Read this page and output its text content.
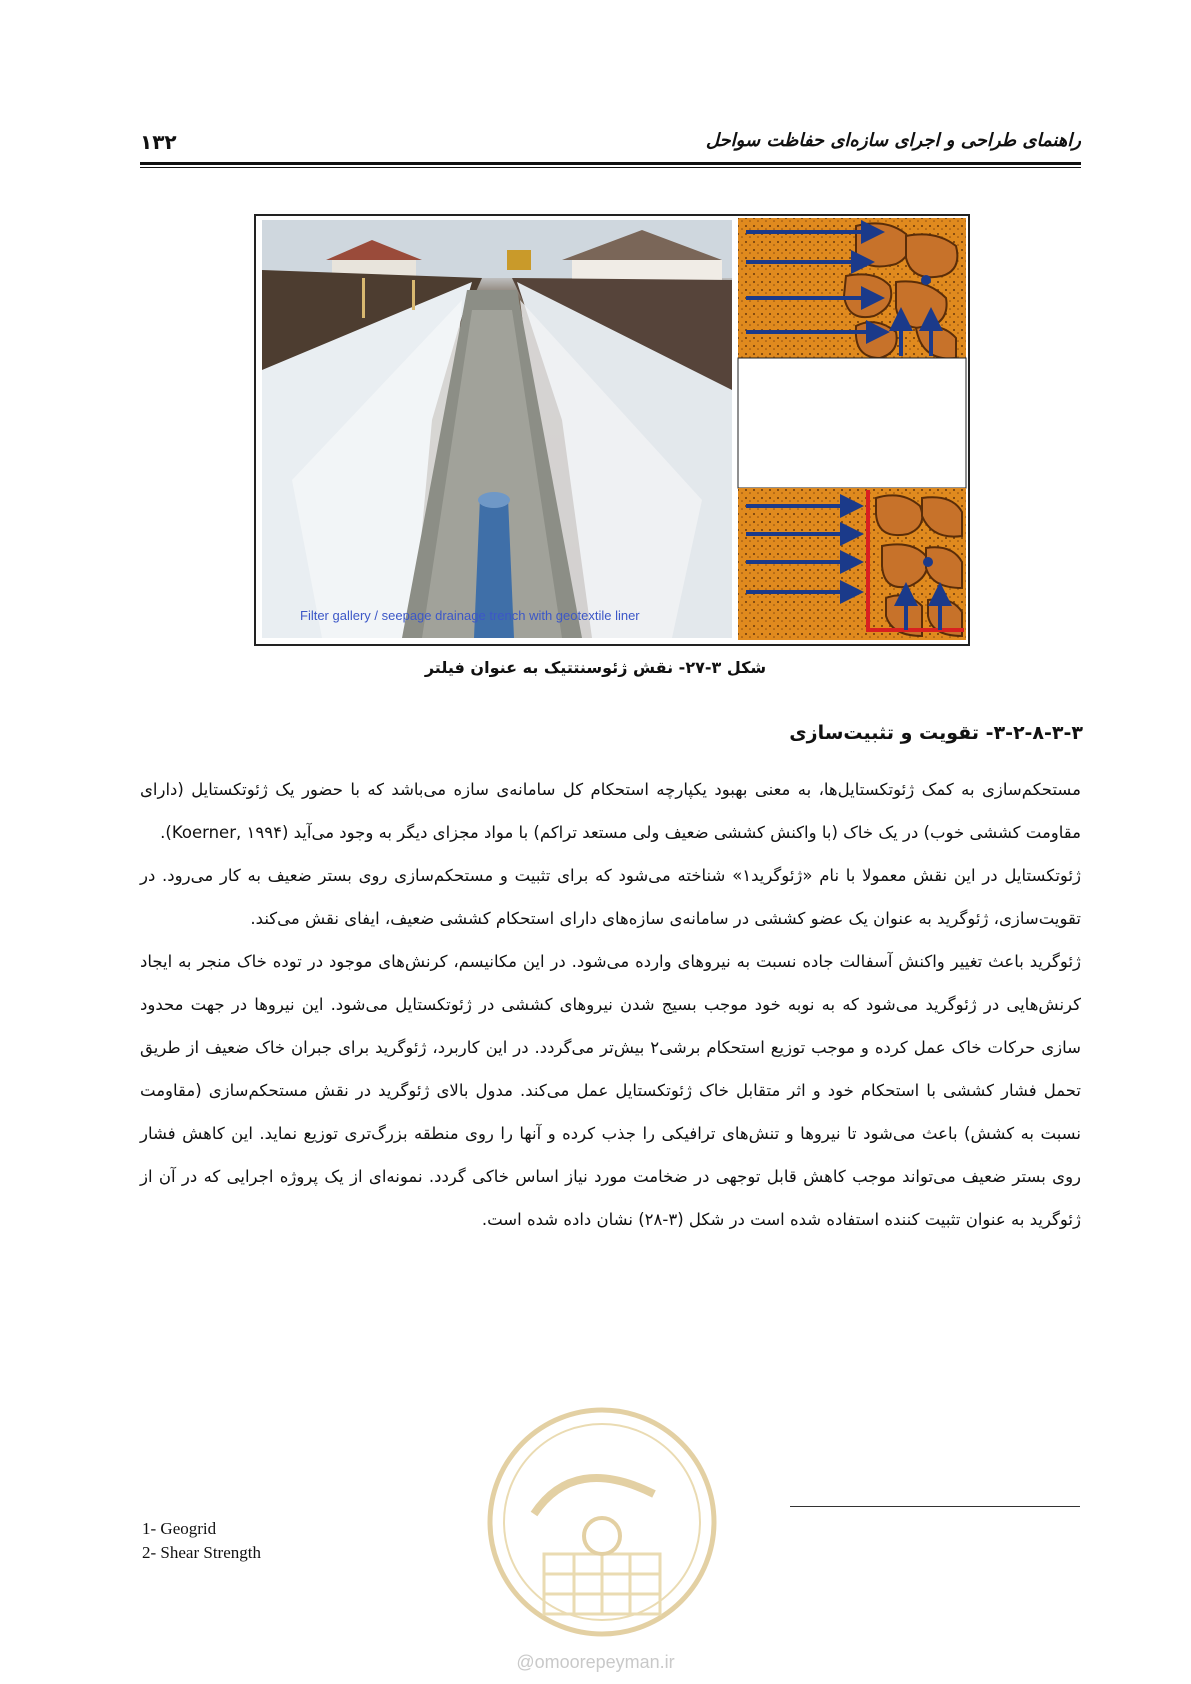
۱۳۲	راهنمای طراحی و اجرای سازه‌ای حفاظت سواحل
Filter gallery / seepage drainage trench with geotextile liner
شکل ۳-۲۷- نقش ژئوسنتتیک به عنوان فیلتر
۳-۲-۸-۳-۳- تقویت و تثبیت‌سازی

مستحکم‌سازی به کمک ژئوتکستایل‌ها، به معنی بهبود یکپارچه استحکام کل سامانه‌ی سازه می‌باشد که با حضور یک ژئوتکستایل (دارای مقاومت کششی خوب) در یک خاک (با واکنش کششی ضعیف ولی مستعد تراکم) با مواد مجزای دیگر به وجود می‌آید (Koerner, ۱۹۹۴).

ژئوتکستایل در این نقش معمولا با نام «ژئوگرید۱» شناخته می‌شود که برای تثبیت و مستحکم‌سازی روی بستر ضعیف به کار می‌رود. در تقویت‌سازی، ژئوگرید به عنوان یک عضو کششی در سامانه‌ی سازه‌های دارای استحکام کششی ضعیف، ایفای نقش می‌کند.

ژئوگرید باعث تغییر واکنش آسفالت جاده نسبت به نیروهای وارده می‌شود. در این مکانیسم، کرنش‌های موجود در توده خاک منجر به ایجاد کرنش‌هایی در ژئوگرید می‌شود که به نوبه خود موجب بسیج شدن نیروهای کششی در ژئوتکستایل می‌شود. این نیروها در جهت محدود سازی حرکات خاک عمل کرده و موجب توزیع استحکام برشی۲ بیش‌تر می‌گردد. در این کاربرد، ژئوگرید برای جبران خاک ضعیف از طریق تحمل فشار کششی با استحکام خود و اثر متقابل خاک ژئوتکستایل عمل می‌کند. مدول بالای ژئوگرید در نقش مستحکم‌سازی (مقاومت نسبت به کشش) باعث می‌شود تا نیروها و تنش‌های ترافیکی را جذب کرده و آنها را روی منطقه بزرگ‌تری توزیع نماید. این کاهش فشار روی بستر ضعیف می‌تواند موجب کاهش قابل توجهی در ضخامت مورد نیاز اساس خاکی گردد. نمونه‌ای از یک پروژه اجرایی که در آن از ژئوگرید به عنوان تثبیت کننده استفاده شده است در شکل (۳-۲۸) نشان داده شده است.

1- Geogrid
2- Shear Strength
@omoorepeyman.ir
